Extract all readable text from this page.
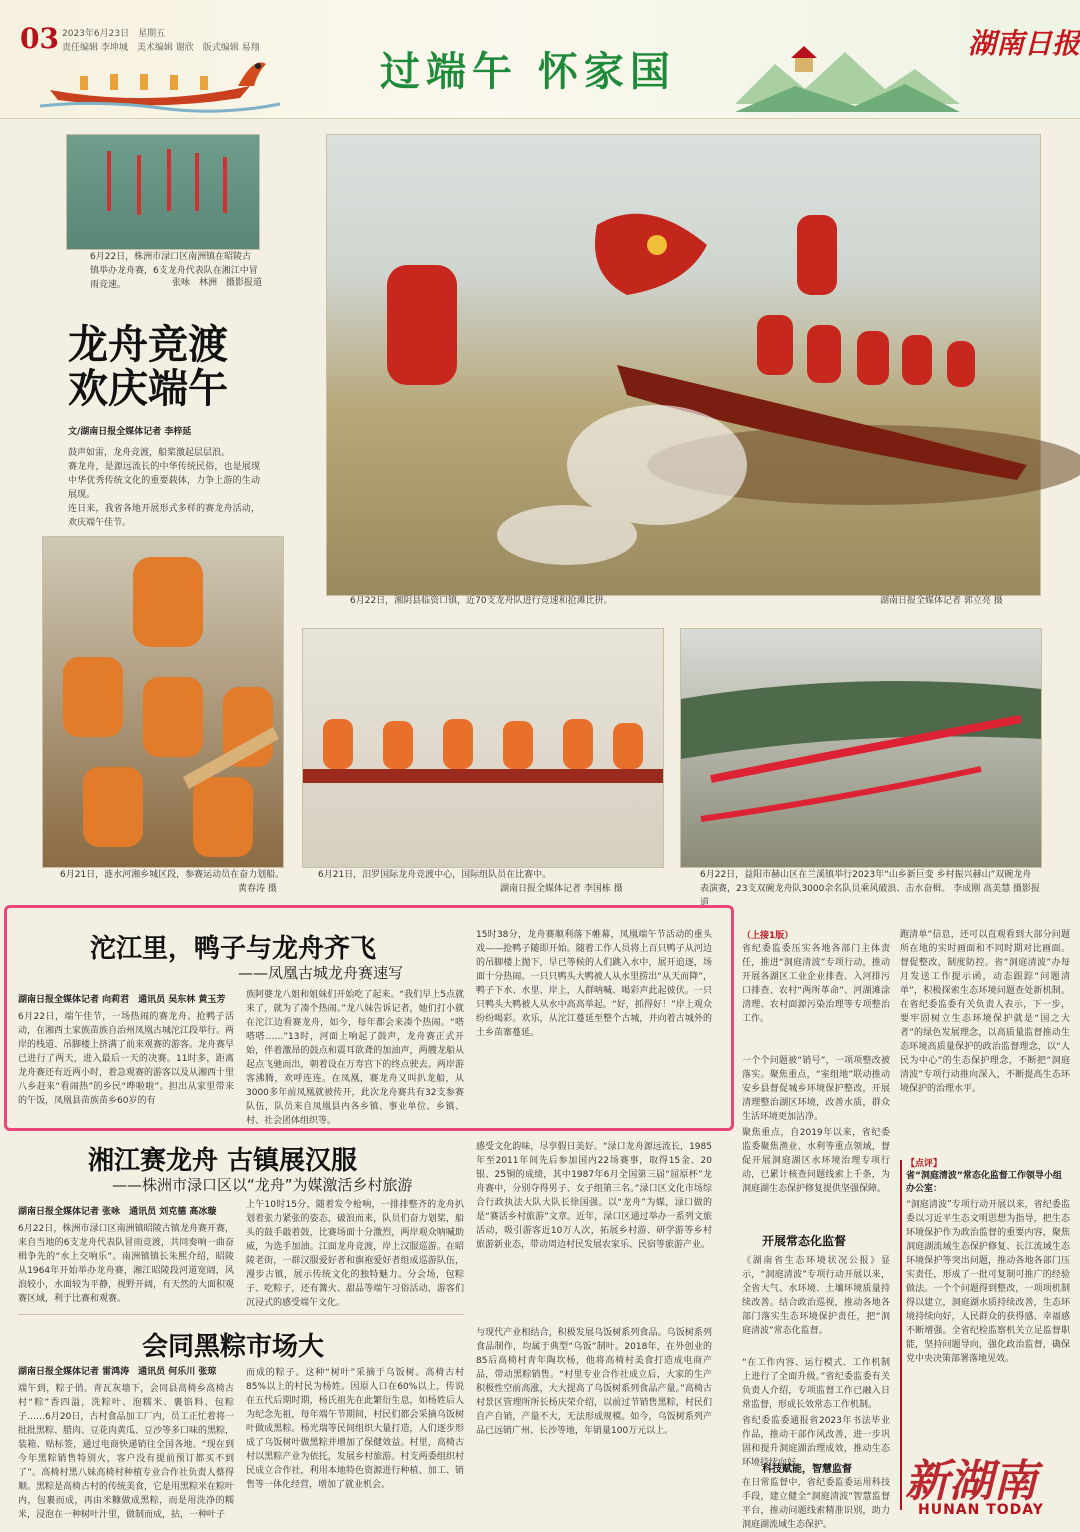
03 2023年6月23日　星期五
责任编辑 李坤城　美术编辑 谢欣　版式编辑 易翔	过端午 怀家国
湖南日报
6月22日，株洲市渌口区南洲镇在昭陵古镇举办龙舟赛，6支龙舟代表队在湘江中冒雨竞速。	张咏　林洲　摄影报道
龙舟竞渡
欢庆端午
文/湖南日报全媒体记者 李梓延
鼓声如雷，龙舟竞渡，船桨激起层层浪。
赛龙舟，是源远流长的中华传统民俗，也是展现中华优秀传统文化的重要载体，力争上游的生动展现。
连日来，我省各地开展形式多样的赛龙舟活动，欢庆端午佳节。
6月22日，湘阴县临资口镇，近70支龙舟队进行竞速和抢滩比拼。	湖南日报全媒体记者 郭立亮 摄
6月21日，涟水河湘乡城区段，参赛运动员在奋力划船。
黄春涛 摄
6月21日，汨罗国际龙舟竞渡中心，国际组队员在比赛中。
湖南日报全媒体记者 李国栋 摄
6月22日，益阳市赫山区在兰溪镇举行2023年“山乡新巨变 乡村振兴赫山”双碗龙舟表演赛，23支双碗龙舟队3000余名队员乘风破浪、击水奋楫。 李成刚 高美慧 摄影报道
沱江里，鸭子与龙舟齐飞
——凤凰古城龙舟赛速写
湖南日报全媒体记者 向莉君　通讯员 吴东林 黄玉芳
6月22日，端午佳节，一场热闹的赛龙舟、抢鸭子活动，在湘西土家族苗族自治州凤凰古城沱江段举行。两岸的栈道、吊脚楼上挤满了前来观赛的游客。龙舟赛早已进行了两天，进入最后一天的决赛。11时多，距离龙舟赛还有近两小时，着急观赛的游客以及从湘西十里八乡赶来“看闹热”的乡民“哗啦啦”。担出从家里带来的午饭，凤凰县苗族苗乡60岁的有
族阿婆龙八姐和姐妹们开始吃了起来。“我们早上5点就来了，就为了凑个热闹。”龙八妹告诉记者，她们打小就在沱江边看赛龙舟，如今，每年都会来凑个热闹。“嗒嗒嗒……”13时，河面上响起了鼓声，龙舟赛正式开始，伴着激昂的鼓点和震耳欲聋的加油声，两艘龙船从起点飞驰而出，朝着设在万寿宫下的终点驶去。两岸游客沸腾，欢呼连连。在凤凰，赛龙舟又叫扒龙船，从3000多年前凤凰就被传开，此次龙舟赛共有32支参赛队伍，队员来自凤凰县内各乡镇、事业单位、乡镇、村、社会团体组织等。
15时38分，龙舟赛顺利落下帷幕，凤凰端午节活动的重头戏——抢鸭子随即开始。随着工作人员将上百只鸭子从河边的吊脚楼上抛下，早已等候的人们跳入水中，展开追逐，场面十分热闹。一只只鸭头大鸭被人从水里捞出“从天而降”，鸭子下水、水里、岸上，人群呐喊、喝彩声此起彼伏。一只只鸭头大鸭被人从水中高高举起。“好，抓得好！”岸上观众纷纷喝彩。欢乐，从沱江蔓延至整个古城，并向着古城外的土乡苗寨蔓延。
湘江赛龙舟 古镇展汉服
——株洲市渌口区以“龙舟”为媒激活乡村旅游
湖南日报全媒体记者 张咏　通讯员 刘克德 高冰璇
6月22日，株洲市渌口区南洲镇昭陵古镇龙舟赛开赛，来自当地的6支龙舟代表队冒雨竞渡，共同奏响一曲奋楫争先的“水上交响乐”。南洲镇镇长朱熙介绍，昭陵从1964年开始举办龙舟赛，湘江昭陵段河道宽阔，风浪较小，水面较为平静，视野开阔，有天然的大面积观赛区域，利于比赛和观赛。
上午10时15分，随着发令枪响，一排排整齐的龙舟扒划着张力紧张的姿态，破浪而来，队员们奋力划桨，船头的鼓手敲着鼓，比赛场面十分激烈，两岸观众呐喊助威，为选手加油。江面龙舟竞渡，岸上汉服巡游。在昭陵老街，一群汉服爱好者和旗袍爱好者组成巡游队伍，漫步古镇，展示传统文化的独特魅力。分会场，包粽子、吃粽子，还有篝火、甜品等端午习俗活动，游客们沉浸式的感受端午文化。
感受文化韵味，尽享假日美好。“渌口龙舟源远流长，1985年至2011年间先后参加国内22场赛事，取得15金、20银、25铜的成绩，其中1987年6月全国第三届“屈原杯”龙舟赛中，分别夺得男子、女子组第三名。”渌口区文化市场综合行政执法大队大队长徐国强。以“龙舟”为媒，渌口做的是“赛活乡村旅游”文章。近年，渌口区通过举办一系列文旅活动，吸引游客近10万人次，拓展乡村游、研学游等乡村旅游新业态，带动周边村民发展农家乐、民宿等旅游产业。
会同黑粽市场大
湖南日报全媒体记者 雷鸿涛　通讯员 何乐川 张琼
端午到，粽子俏。青瓦灰墙下，会同县高椅乡高椅古村“粽”香四溢，洗粽叶、泡糯米、裹馅料、包粽子……6月20日，古村食品加工厂内，员工正忙着将一批批黑粽、腊肉、豆花肉黄瓜、豆沙等多口味的黑粽，装箱、贴标签，通过电商快递销往全国各地。“现在到今年黑粽销售特别火，客户没有提前预订都买不到了”。高椅村黑八妹高椅村种植专业合作社负责人蔡得顺。黑粽是高椅古村的传统美食，它是用黑粽米在粽叶内，包裹而成，再由米糠做成黑粽，而是用洗净的糯米，浸泡在一种树叶汁里，做制而成，拈，一种叶子
而成的粽子。这种“树叶”采摘于乌饭树。高椅古村85%以上的村民为杨姓。因原人口在60%以上，传说在五代后期时期，杨氏祖先在此繁衍生息，如杨姓后人为纪念先祖，每年端午节期间，村民们都会采摘乌饭树叶做成黑粽。杨光瑞等民间组织大量打造，人们逐步形成了乌饭树叶做黑粽并增加了保健效益。村里，高椅古村以黑粽产业为依托，发展乡村旅游。村支两委组织村民成立合作社，利用本地特色资源进行种植、加工、销售等一体化经营，增加了就业机会。
与现代产业相结合，积极发展乌饭树系列食品。乌饭树系列食品制作，均属于典型“乌饭”制叶。2018年，在外创业的85后高椅村青年陶坎杨，他将高椅村美食打造成电商产品，带动黑粽销售。“村里专业合作社成立后，大家的生产积极性空前高涨，大大提高了乌饭树系列食品产量。”高椅古村景区管理所所长杨庆荣介绍，以前过节销售黑粽，村民们自产自销，产量不大，无法形成规模。如今，乌饭树系列产品已远销广州、长沙等地，年销量100万元以上。
（上接1版）
省纪委监委压实各地各部门主体责任，推进“洞庭清波”专项行动，推动开展各湖区工业企业排查、入河排污口排查、农村“两所革命”、河湖滩涂清理、农村面源污染治理等专项整治工作。
一个个问题被“销号”，一项项整改被落实。聚焦重点，“室组地”联动推动安乡县督促城乡环境保护整改，开展清理整治湖区环境，改善水质，群众生活环境更加洁净。
聚焦重点，自2019年以来，省纪委监委聚焦渔业、水利等重点领域，督促开展洞庭湖区水环境治理专项行动，已累计核查问题线索上千条，为洞庭湖生态保护修复提供坚强保障。
开展常态化监督
《湖南省生态环境状况公报》显示，“洞庭清波”专项行动开展以来，全省大气、水环境、土壤环境质量持续改善。结合政治巡视，推动各地各部门落实生态环境保护责任，把“洞庭清波”常态化监督。
“在工作内容、运行模式、工作机制上进行了全面升级。”省纪委监委有关负责人介绍，专项监督工作已融入日常监督，形成长效常态工作机制。
省纪委监委通报省2023年书法毕业作品，推动干部作风改善，进一步巩固和提升洞庭湖治理成效，推动生态环境持续向好。
科技赋能，智慧监督
在日常监督中，省纪委监委运用科技手段，建立健全“洞庭清波”智慧监督平台，推动问题线索精准识别，助力洞庭湖流域生态保护。
跑清单”信息，还可以直观看到大部分问题所在地的实时画面和不同时期对比画面。督促整改，制度防控。省“洞庭清波”办每月发送工作提示函，动态跟踪“问题清单”，积极探索生态环境问题查处新机制。在省纪委监委有关负责人表示，下一步，要牢固树立生态环境保护就是“国之大者”的绿色发展理念，以高质量监督推动生态环境高质量保护的政治监督理念，以“人民为中心”的生态保护理念，不断把“洞庭清波”专项行动推向深入，不断提高生态环境保护的治理水平。
【点评】
省“洞庭清波”常态化监督工作领导小组办公室：
“洞庭清波”专项行动开展以来，省纪委监委以习近平生态文明思想为指导，把生态环境保护作为政治监督的重要内容，聚焦洞庭湖流域生态保护修复、长江流域生态环境保护等突出问题，推动各地各部门压实责任，形成了一批可复制可推广的经验做法。一个个问题得到整改，一项项机制得以建立，洞庭湖水质持续改善，生态环境持续向好，人民群众的获得感、幸福感不断增强。全省纪检监察机关立足监督职能，坚持问题导向，强化政治监督，确保党中央决策部署落地见效。
新湖南
HUNAN TODAY
